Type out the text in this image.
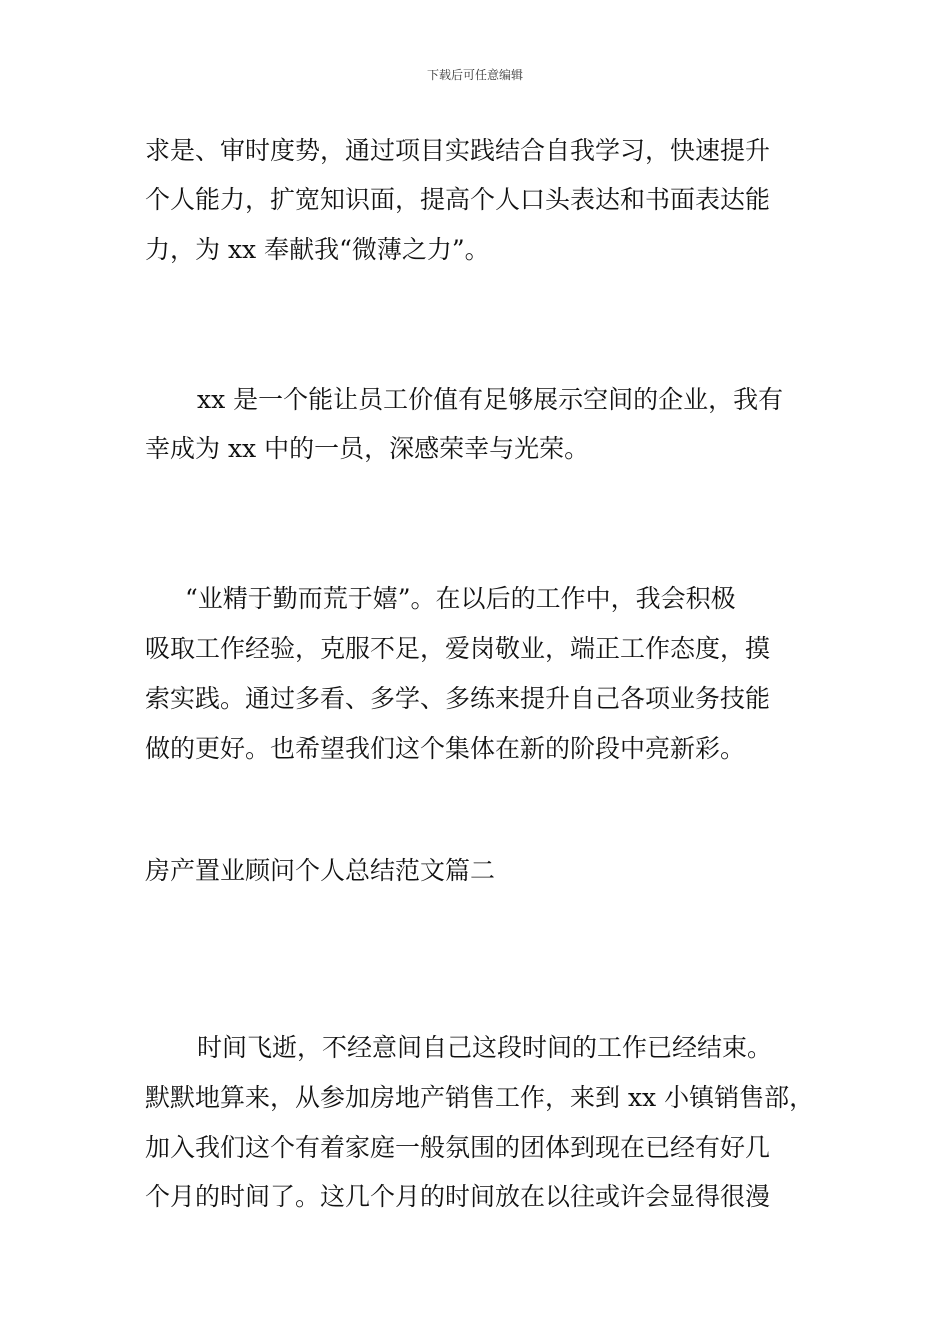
下载后可任意编辑
求是、审时度势，通过项目实践结合自我学习，快速提升
个人能力，扩宽知识面，提高个人口头表达和书面表达能
力，为 xx 奉献我“微薄之力”。
xx 是一个能让员工价值有足够展示空间的企业，我有
幸成为 xx 中的一员，深感荣幸与光荣。
“业精于勤而荒于嬉”。在以后的工作中，我会积极
吸取工作经验，克服不足，爱岗敬业，端正工作态度，摸
索实践。通过多看、多学、多练来提升自己各项业务技能
做的更好。也希望我们这个集体在新的阶段中亮新彩。
房产置业顾问个人总结范文篇二
时间飞逝，不经意间自己这段时间的工作已经结束。
默默地算来，从参加房地产销售工作，来到 xx 小镇销售部，
加入我们这个有着家庭一般氛围的团体到现在已经有好几
个月的时间了。这几个月的时间放在以往或许会显得很漫
